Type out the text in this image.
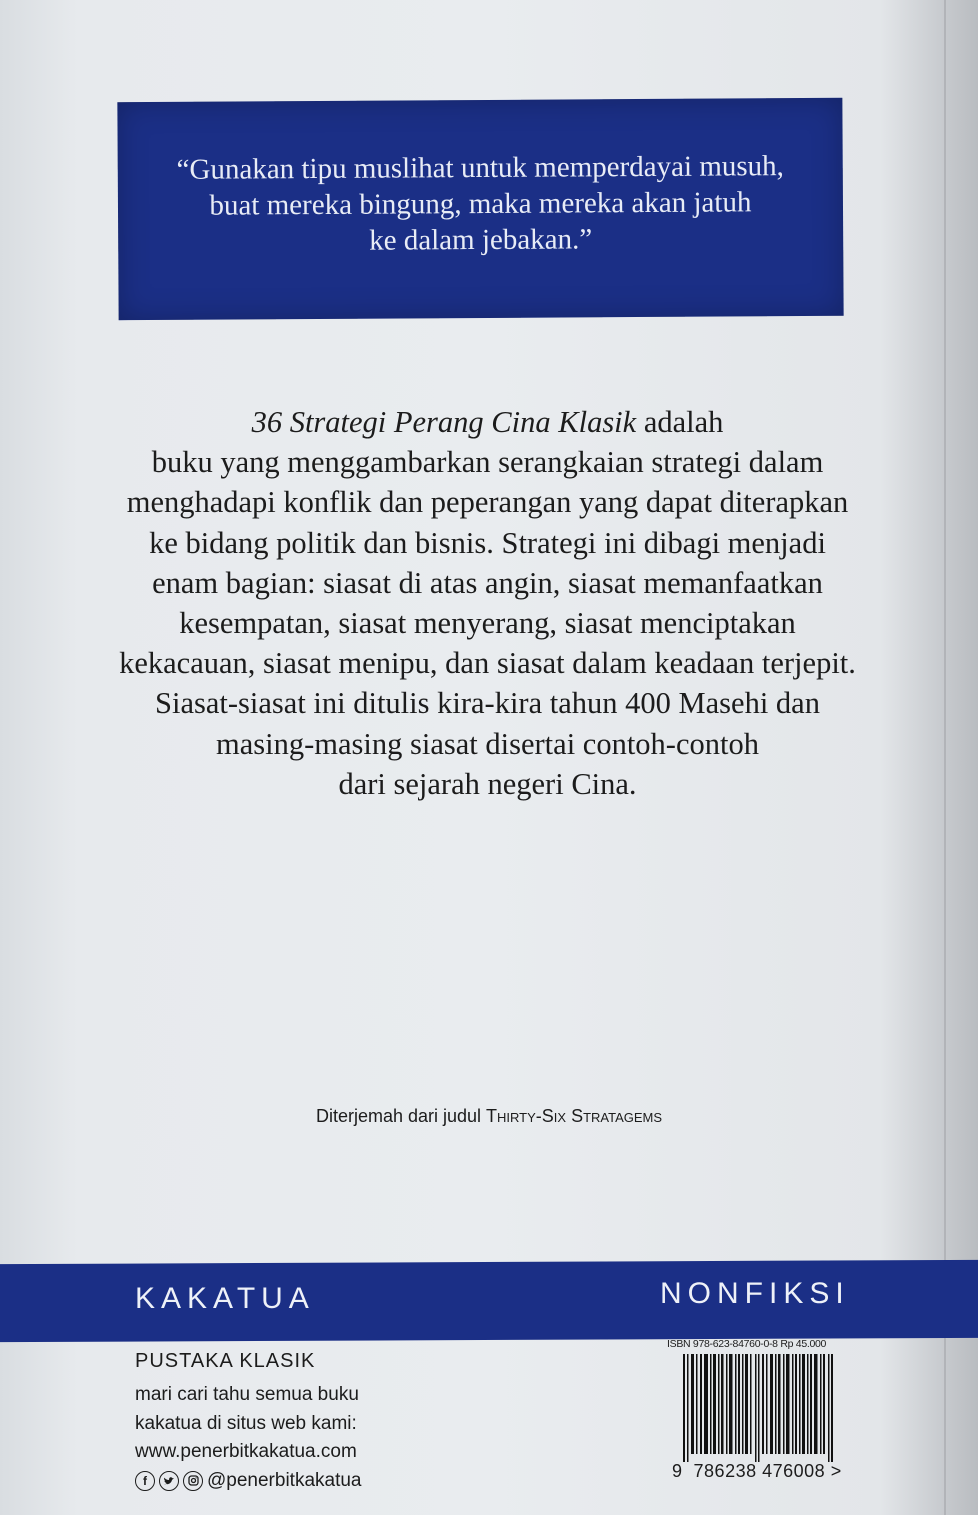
“Gunakan tipu muslihat untuk memperdayai musuh,
buat mereka bingung, maka mereka akan jatuh
ke dalam jebakan.”
36 Strategi Perang Cina Klasik adalah
buku yang menggambarkan serangkaian strategi dalam
menghadapi konflik dan peperangan yang dapat diterapkan
ke bidang politik dan bisnis. Strategi ini dibagi menjadi
enam bagian: siasat di atas angin, siasat memanfaatkan
kesempatan, siasat menyerang, siasat menciptakan
kekacauan, siasat menipu, dan siasat dalam keadaan terjepit.
Siasat-siasat ini ditulis kira-kira tahun 400 Masehi dan
masing-masing siasat disertai contoh-contoh
dari sejarah negeri Cina.
Diterjemah dari judul Thirty-Six Stratagems
KAKATUA	NONFIKSI
PUSTAKA KLASIK
mari cari tahu semua buku
kakatua di situs web kami:
www.penerbitkakatua.com
f	@penerbitkakatua
ISBN 978-623-84760-0-8 Rp 45.000
9 786238 476008 >
